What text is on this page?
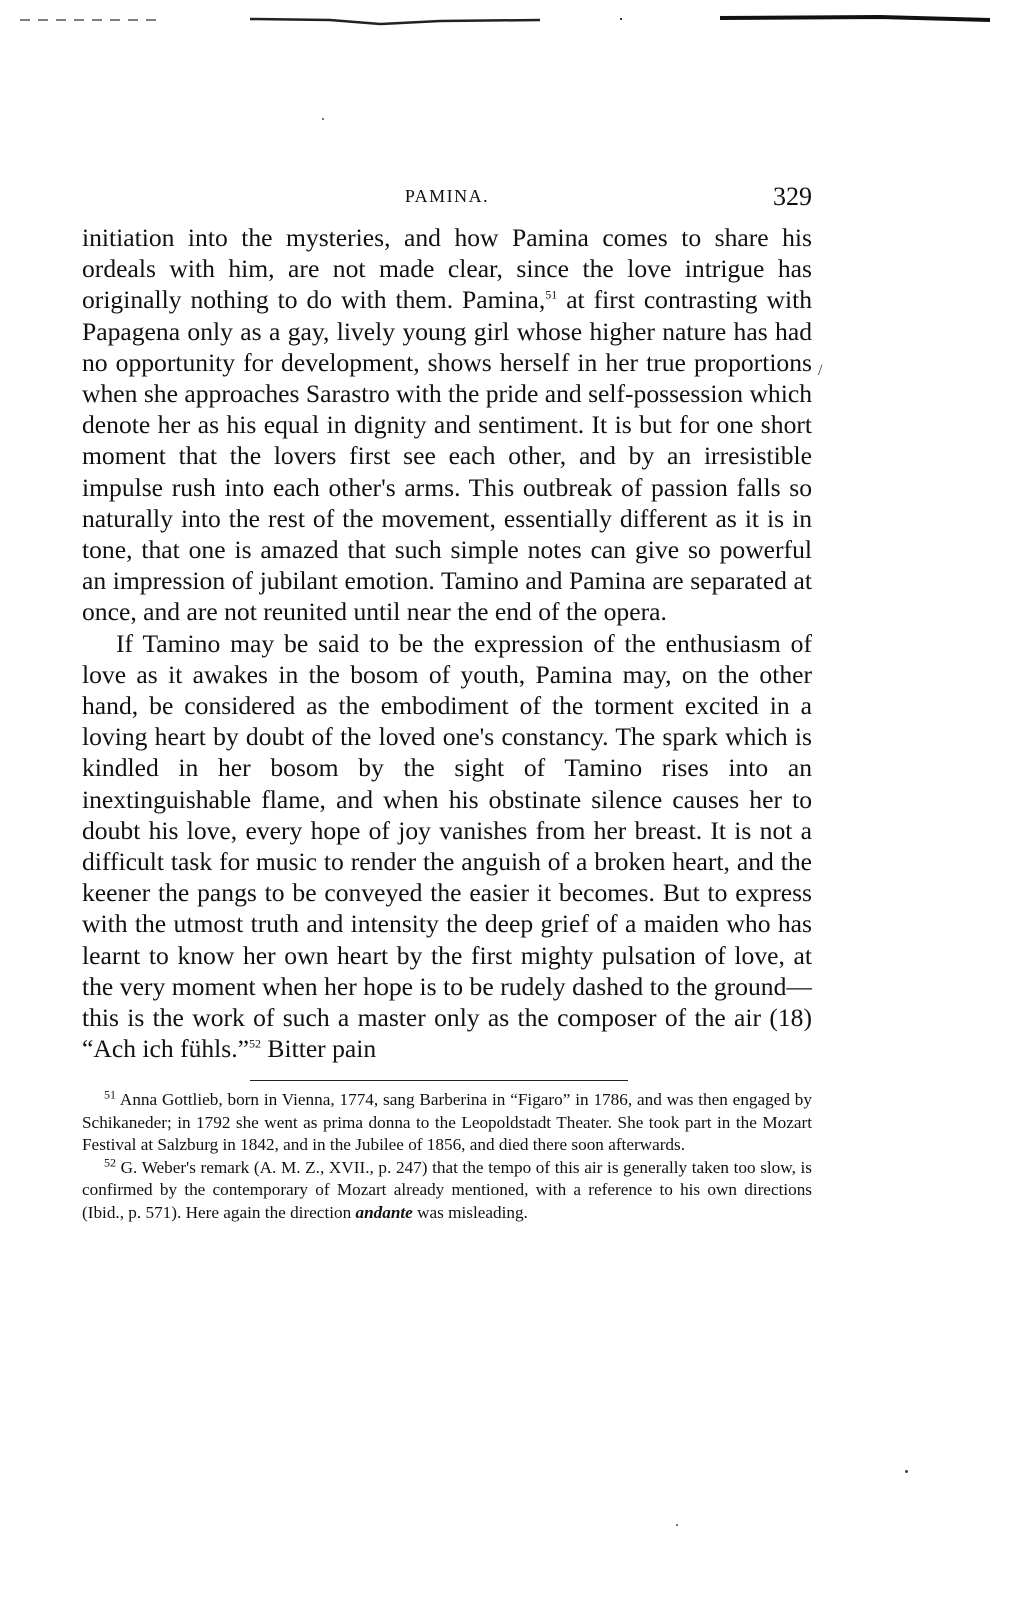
/
PAMINA.	329

initiation into the mysteries, and how Pamina comes to share his ordeals with him, are not made clear, since the love intrigue has originally nothing to do with them. Pamina,$^{51}$ at first contrasting with Papagena only as a gay, lively young girl whose higher nature has had no opportunity for development, shows herself in her true proportions when she approaches Sarastro with the pride and self-possession which denote her as his equal in dignity and sentiment. It is but for one short moment that the lovers first see each other, and by an irresistible impulse rush into each other's arms. This outbreak of passion falls so naturally into the rest of the movement, essentially different as it is in tone, that one is amazed that such simple notes can give so powerful an impression of jubilant emotion. Tamino and Pamina are separated at once, and are not reunited until near the end of the opera.

If Tamino may be said to be the expression of the enthusiasm of love as it awakes in the bosom of youth, Pamina may, on the other hand, be considered as the embodiment of the torment excited in a loving heart by doubt of the loved one's constancy. The spark which is kindled in her bosom by the sight of Tamino rises into an inextinguishable flame, and when his obstinate silence causes her to doubt his love, every hope of joy vanishes from her breast. It is not a difficult task for music to render the anguish of a broken heart, and the keener the pangs to be conveyed the easier it becomes. But to express with the utmost truth and intensity the deep grief of a maiden who has learnt to know her own heart by the first mighty pulsation of love, at the very moment when her hope is to be rudely dashed to the ground—this is the work of such a master only as the composer of the air (18) “Ach ich fühls.”$^{52}$ Bitter pain

$^{51}$ Anna Gottlieb, born in Vienna, 1774, sang Barberina in “Figaro” in 1786, and was then engaged by Schikaneder; in 1792 she went as prima donna to the Leopoldstadt Theater. She took part in the Mozart Festival at Salzburg in 1842, and in the Jubilee of 1856, and died there soon afterwards.

$^{52}$ G. Weber's remark (A. M. Z., XVII., p. 247) that the tempo of this air is generally taken too slow, is confirmed by the contemporary of Mozart already mentioned, with a reference to his own directions (Ibid., p. 571). Here again the direction andante was misleading.
